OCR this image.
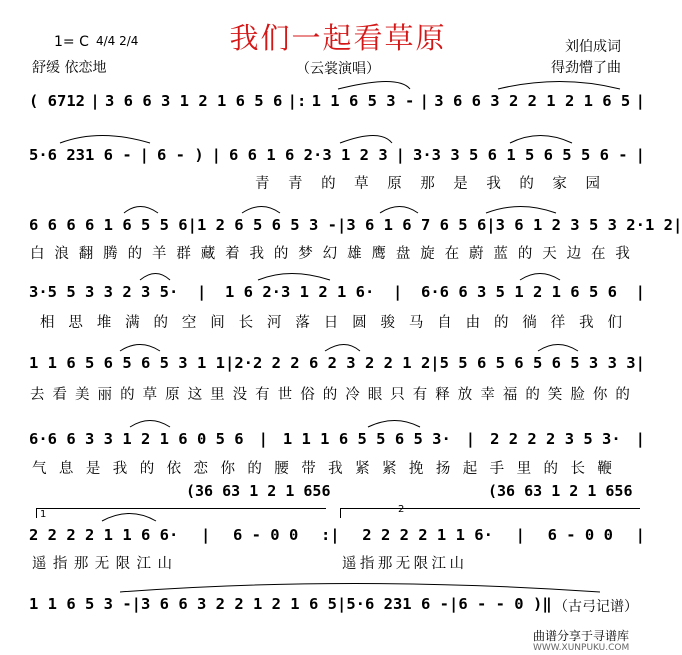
1= C 4/4 2/4
舒缓 依恋地
我们一起看草原
（云裳演唱）
刘伯成词
得劲懵了曲
( 6712 | 3 6 6 3 1 2 1 6 5 6 |: 1 1 6 5 3 - | 3 6 6 3 2 2 1 2 1 6 5 |
5·6 231 6 - | 6 - ) | 6 6 1 6 2·3 1 2 3 | 3·3 3 5 6 1 5 6 5 5 6 - |
青 青 的 草 原 那 是 我 的 家 园
6 6 6 6 1 6 5 5 6 | 1 2 6 5 6 5 3 - | 3 6 1 6 7 6 5 6 | 3 6 1 2 3 5 3 2·1 2 |
白 浪 翻 腾 的 羊 群 藏 着 我 的 梦 幻 雄 鹰 盘 旋 在 蔚 蓝 的 天 边 在 我
3·5 5 3 3 2 3 5· | 1 6 2·3 1 2 1 6· | 6·6 6 3 5 1 2 1 6 5 6 |
相 思 堆 满 的 空 间 长 河 落 日 圆 骏 马 自 由 的 徜 徉 我 们
1 1 6 5 6 5 6 5 3 1 1 | 2·2 2 2 6 2 3 2 2 1 2 | 5 5 6 5 6 5 6 5 3 3 3 |
去 看 美 丽 的 草 原 这 里 没 有 世 俗 的 冷 眼 只 有 释 放 幸 福 的 笑 脸 你 的
6·6 6 3 3 1 2 1 6 0 5 6 | 1 1 1 6 5 5 6 5 3· | 2 2 2 2 3 5 3· |
气 息 是 我 的 依 恋 你 的 腰 带 我 紧 紧 挽 扬 起 手 里 的 长 鞭
(36 63 1 2 1 656	(36 63 1 2 1 656
1	2
2 2 2 2 1 1 6 6· | 6 - 0 0 :| 2 2 2 2 1 1 6· | 6 - 0 0 |
遥 指 那 无 限 江 山	遥 指 那 无 限 江 山
1 1 6 5 3 - | 3 6 6 3 2 2 1 2 1 6 5 | 5·6 231 6 - | 6 - - 0 ) ‖ （古弓记谱）
曲谱分享于寻谱库
WWW.XUNPUKU.COM
